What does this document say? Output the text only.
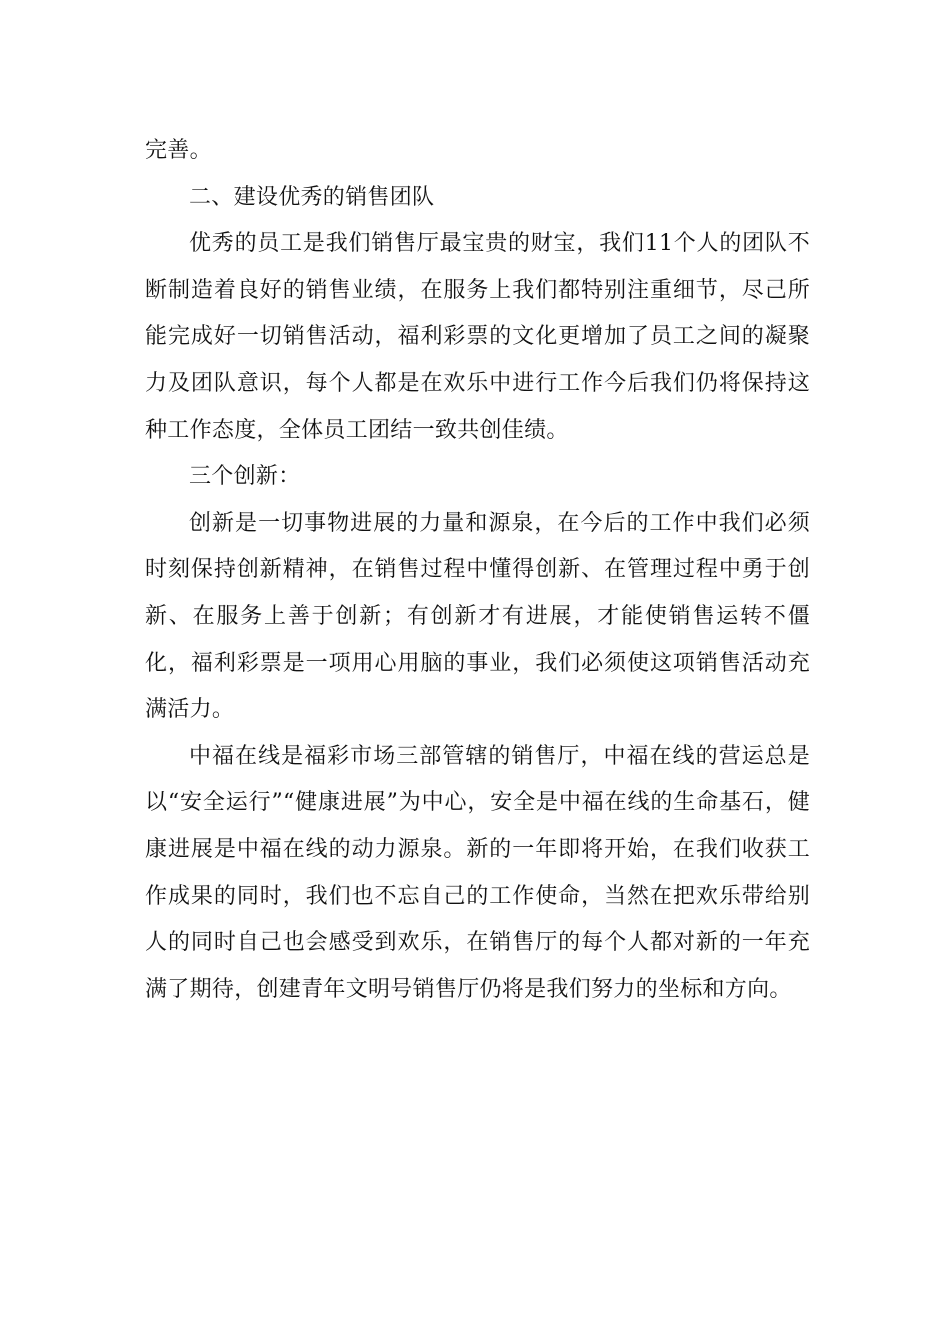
完善。

二、建设优秀的销售团队

优秀的员工是我们销售厅最宝贵的财宝，我们11个人的团队不断制造着良好的销售业绩，在服务上我们都特别注重细节，尽己所能完成好一切销售活动，福利彩票的文化更增加了员工之间的凝聚力及团队意识，每个人都是在欢乐中进行工作今后我们仍将保持这种工作态度，全体员工团结一致共创佳绩。

三个创新：

创新是一切事物进展的力量和源泉，在今后的工作中我们必须时刻保持创新精神，在销售过程中懂得创新、在管理过程中勇于创新、在服务上善于创新；有创新才有进展，才能使销售运转不僵化，福利彩票是一项用心用脑的事业，我们必须使这项销售活动充满活力。

中福在线是福彩市场三部管辖的销售厅，中福在线的营运总是以“安全运行”“健康进展”为中心，安全是中福在线的生命基石，健康进展是中福在线的动力源泉。新的一年即将开始，在我们收获工作成果的同时，我们也不忘自己的工作使命，当然在把欢乐带给别人的同时自己也会感受到欢乐，在销售厅的每个人都对新的一年充满了期待，创建青年文明号销售厅仍将是我们努力的坐标和方向。
